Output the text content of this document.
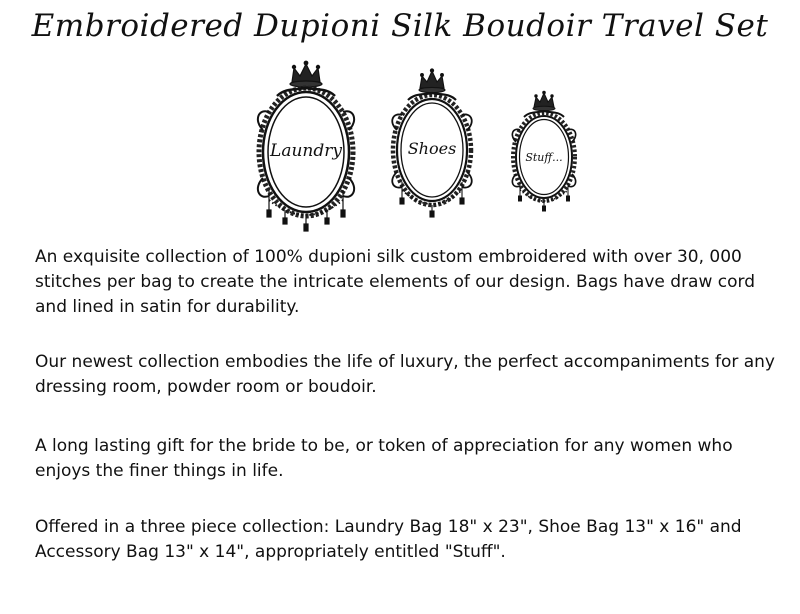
Embroidered Dupioni Silk Boudoir Travel Set
Laundry	Shoes	Stuff...

An exquisite collection of 100% dupioni silk custom embroidered with over 30, 000 stitches per bag to create the intricate elements of our design. Bags have draw cord and lined in satin for durability.

Our newest collection embodies the life of luxury, the perfect accompaniments for any dressing room, powder room or boudoir.

A long lasting gift for the bride to be, or token of appreciation for any women who enjoys the finer things in life.

Offered in a three piece collection: Laundry Bag 18" x 23", Shoe Bag 13" x 16" and Accessory Bag 13" x 14", appropriately entitled "Stuff".
